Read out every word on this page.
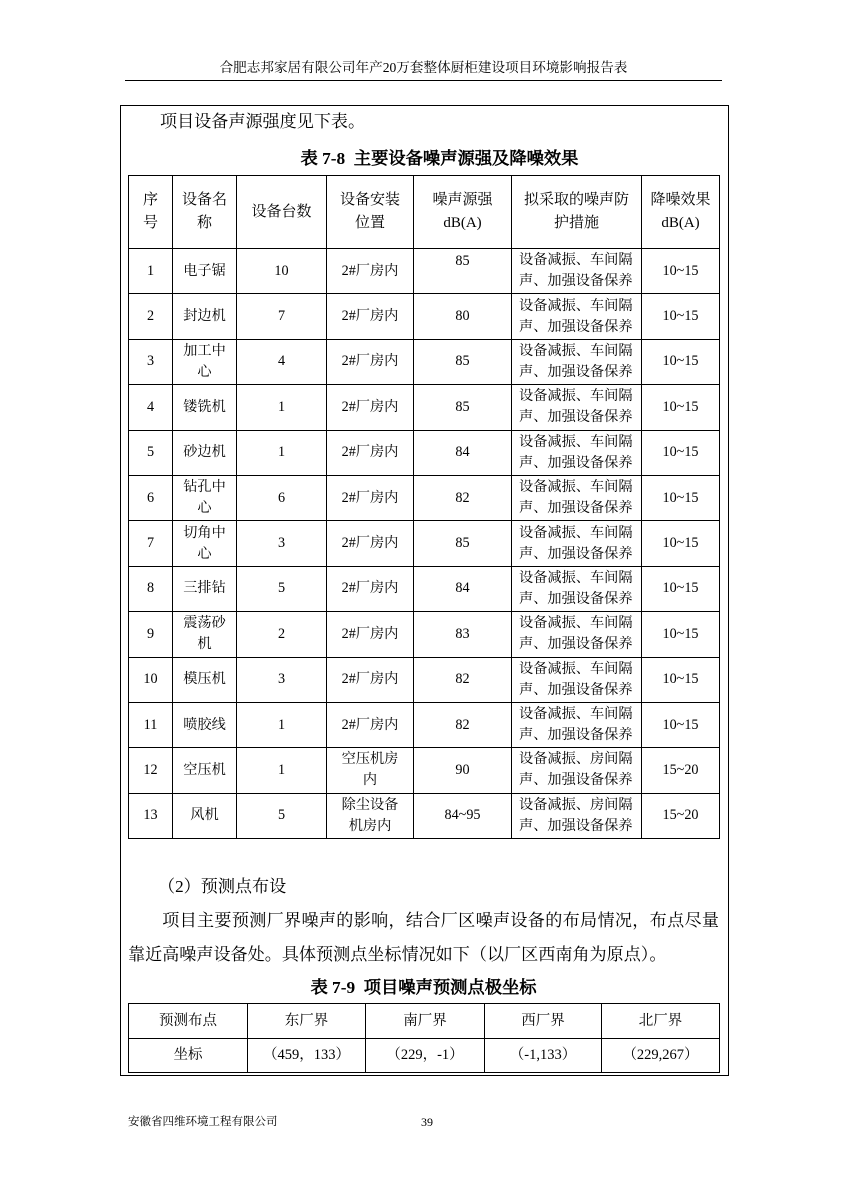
合肥志邦家居有限公司年产20万套整体厨柜建设项目环境影响报告表
项目设备声源强度见下表。
表 7-8  主要设备噪声源强及降噪效果
序号	设备名称	设备台数	设备安装位置	噪声源强dB(A)	拟采取的噪声防护措施	降噪效果dB(A)

1	电子锯	10	2#厂房内	85	设备减振、车间隔声、加强设备保养	10~15

2	封边机	7	2#厂房内	80	设备减振、车间隔声、加强设备保养	10~15

3	加工中心	4	2#厂房内	85	设备减振、车间隔声、加强设备保养	10~15

4	镂铣机	1	2#厂房内	85	设备减振、车间隔声、加强设备保养	10~15

5	砂边机	1	2#厂房内	84	设备减振、车间隔声、加强设备保养	10~15

6	钻孔中心	6	2#厂房内	82	设备减振、车间隔声、加强设备保养	10~15

7	切角中心	3	2#厂房内	85	设备减振、车间隔声、加强设备保养	10~15

8	三排钻	5	2#厂房内	84	设备减振、车间隔声、加强设备保养	10~15

9	震荡砂机	2	2#厂房内	83	设备减振、车间隔声、加强设备保养	10~15

10	模压机	3	2#厂房内	82	设备减振、车间隔声、加强设备保养	10~15

11	喷胶线	1	2#厂房内	82	设备减振、车间隔声、加强设备保养	10~15

12	空压机	1	空压机房内	90	设备减振、房间隔声、加强设备保养	15~20

13	风机	5	除尘设备机房内	84~95	设备减振、房间隔声、加强设备保养	15~20
（2）预测点布设
项目主要预测厂界噪声的影响，结合厂区噪声设备的布局情况，布点尽量靠近高噪声设备处。具体预测点坐标情况如下（以厂区西南角为原点）。
表 7-9  项目噪声预测点极坐标
预测布点	东厂界	南厂界	西厂界	北厂界
坐标	（459，133）	（229，-1）	（-1,133）	（229,267）
安徽省四维环境工程有限公司	39
